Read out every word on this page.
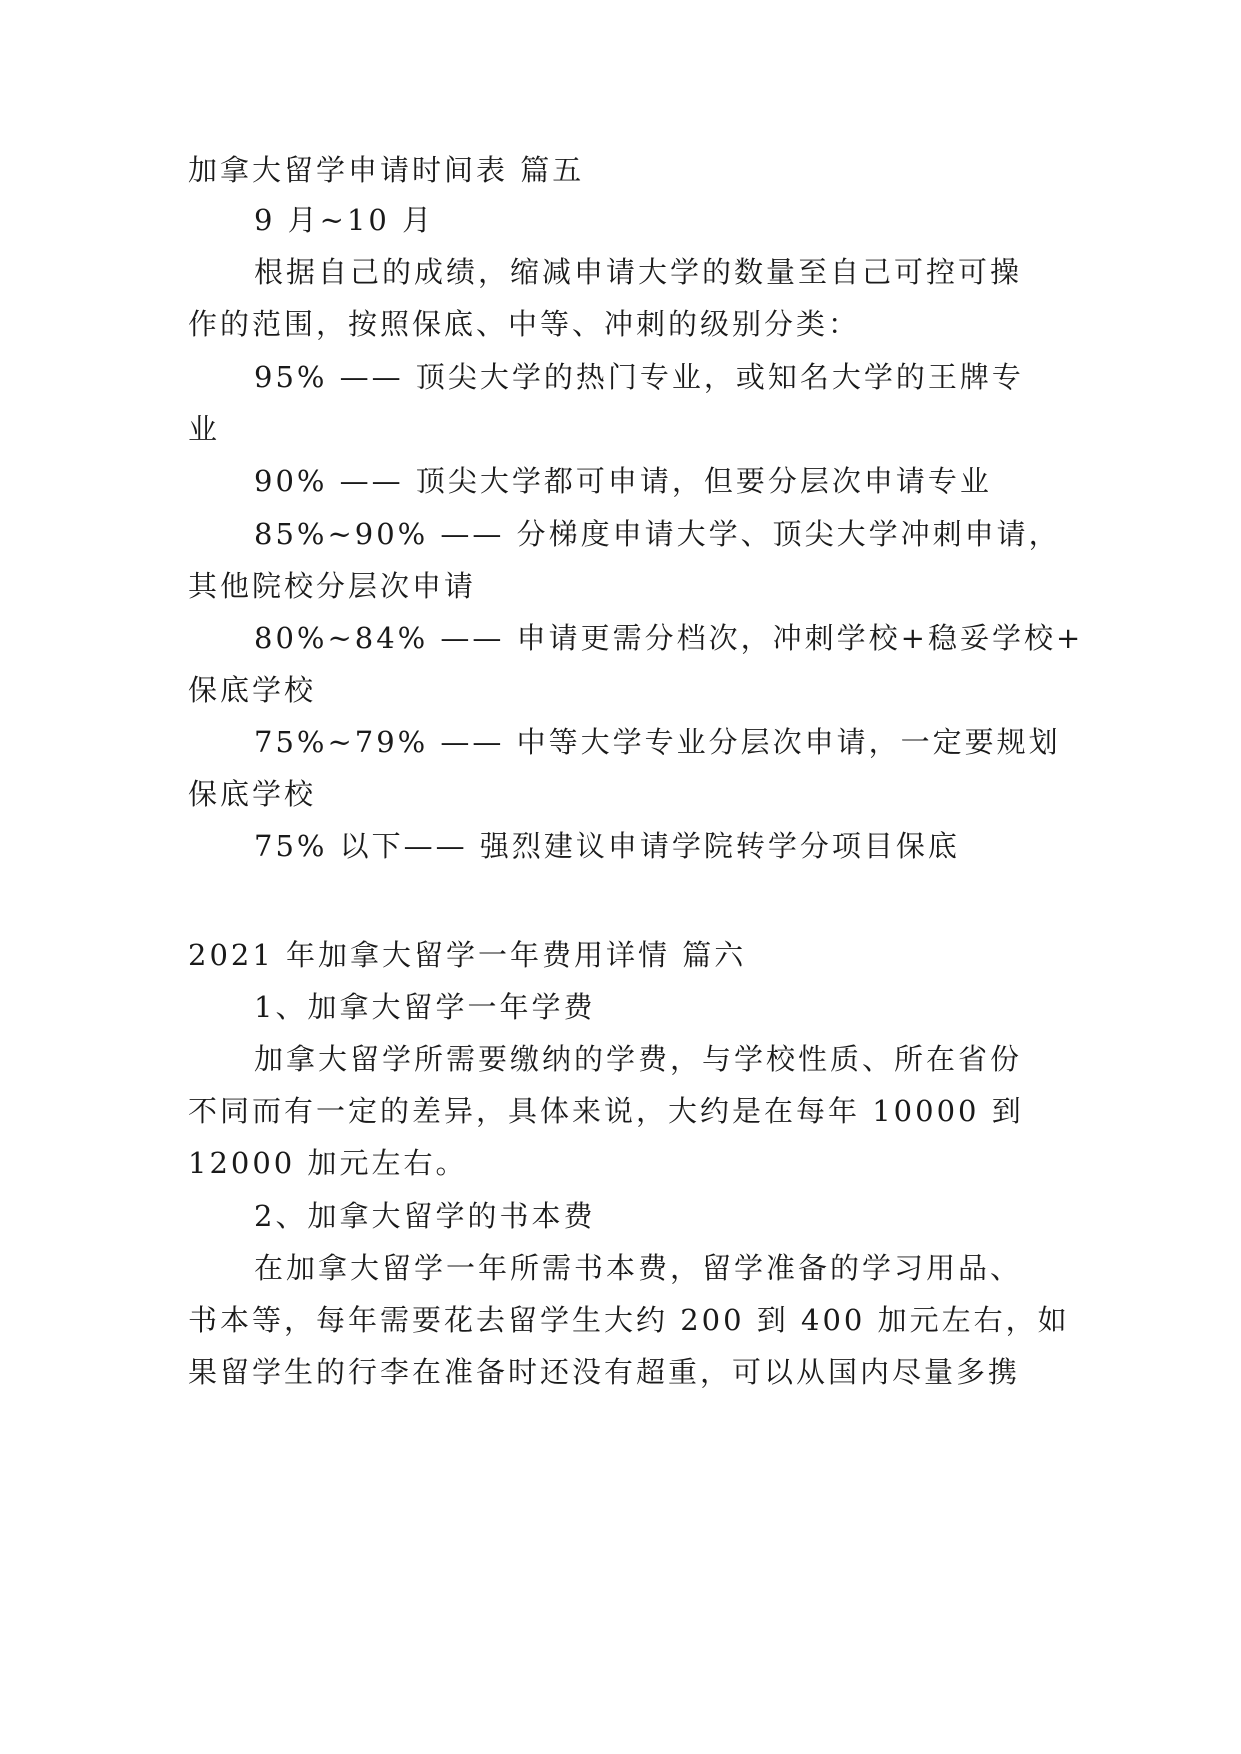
加拿大留学申请时间表 篇五
9 月~10 月
根据自己的成绩，缩减申请大学的数量至自己可控可操
作的范围，按照保底、中等、冲刺的级别分类：
95% —— 顶尖大学的热门专业，或知名大学的王牌专
业
90% —— 顶尖大学都可申请，但要分层次申请专业
85%~90% —— 分梯度申请大学、顶尖大学冲刺申请，
其他院校分层次申请
80%~84% —— 申请更需分档次，冲刺学校+稳妥学校+
保底学校
75%~79% —— 中等大学专业分层次申请，一定要规划
保底学校
75% 以下—— 强烈建议申请学院转学分项目保底
2021 年加拿大留学一年费用详情 篇六
1、加拿大留学一年学费
加拿大留学所需要缴纳的学费，与学校性质、所在省份
不同而有一定的差异，具体来说，大约是在每年 10000 到
12000 加元左右。
2、加拿大留学的书本费
在加拿大留学一年所需书本费，留学准备的学习用品、
书本等，每年需要花去留学生大约 200 到 400 加元左右，如
果留学生的行李在准备时还没有超重，可以从国内尽量多携
